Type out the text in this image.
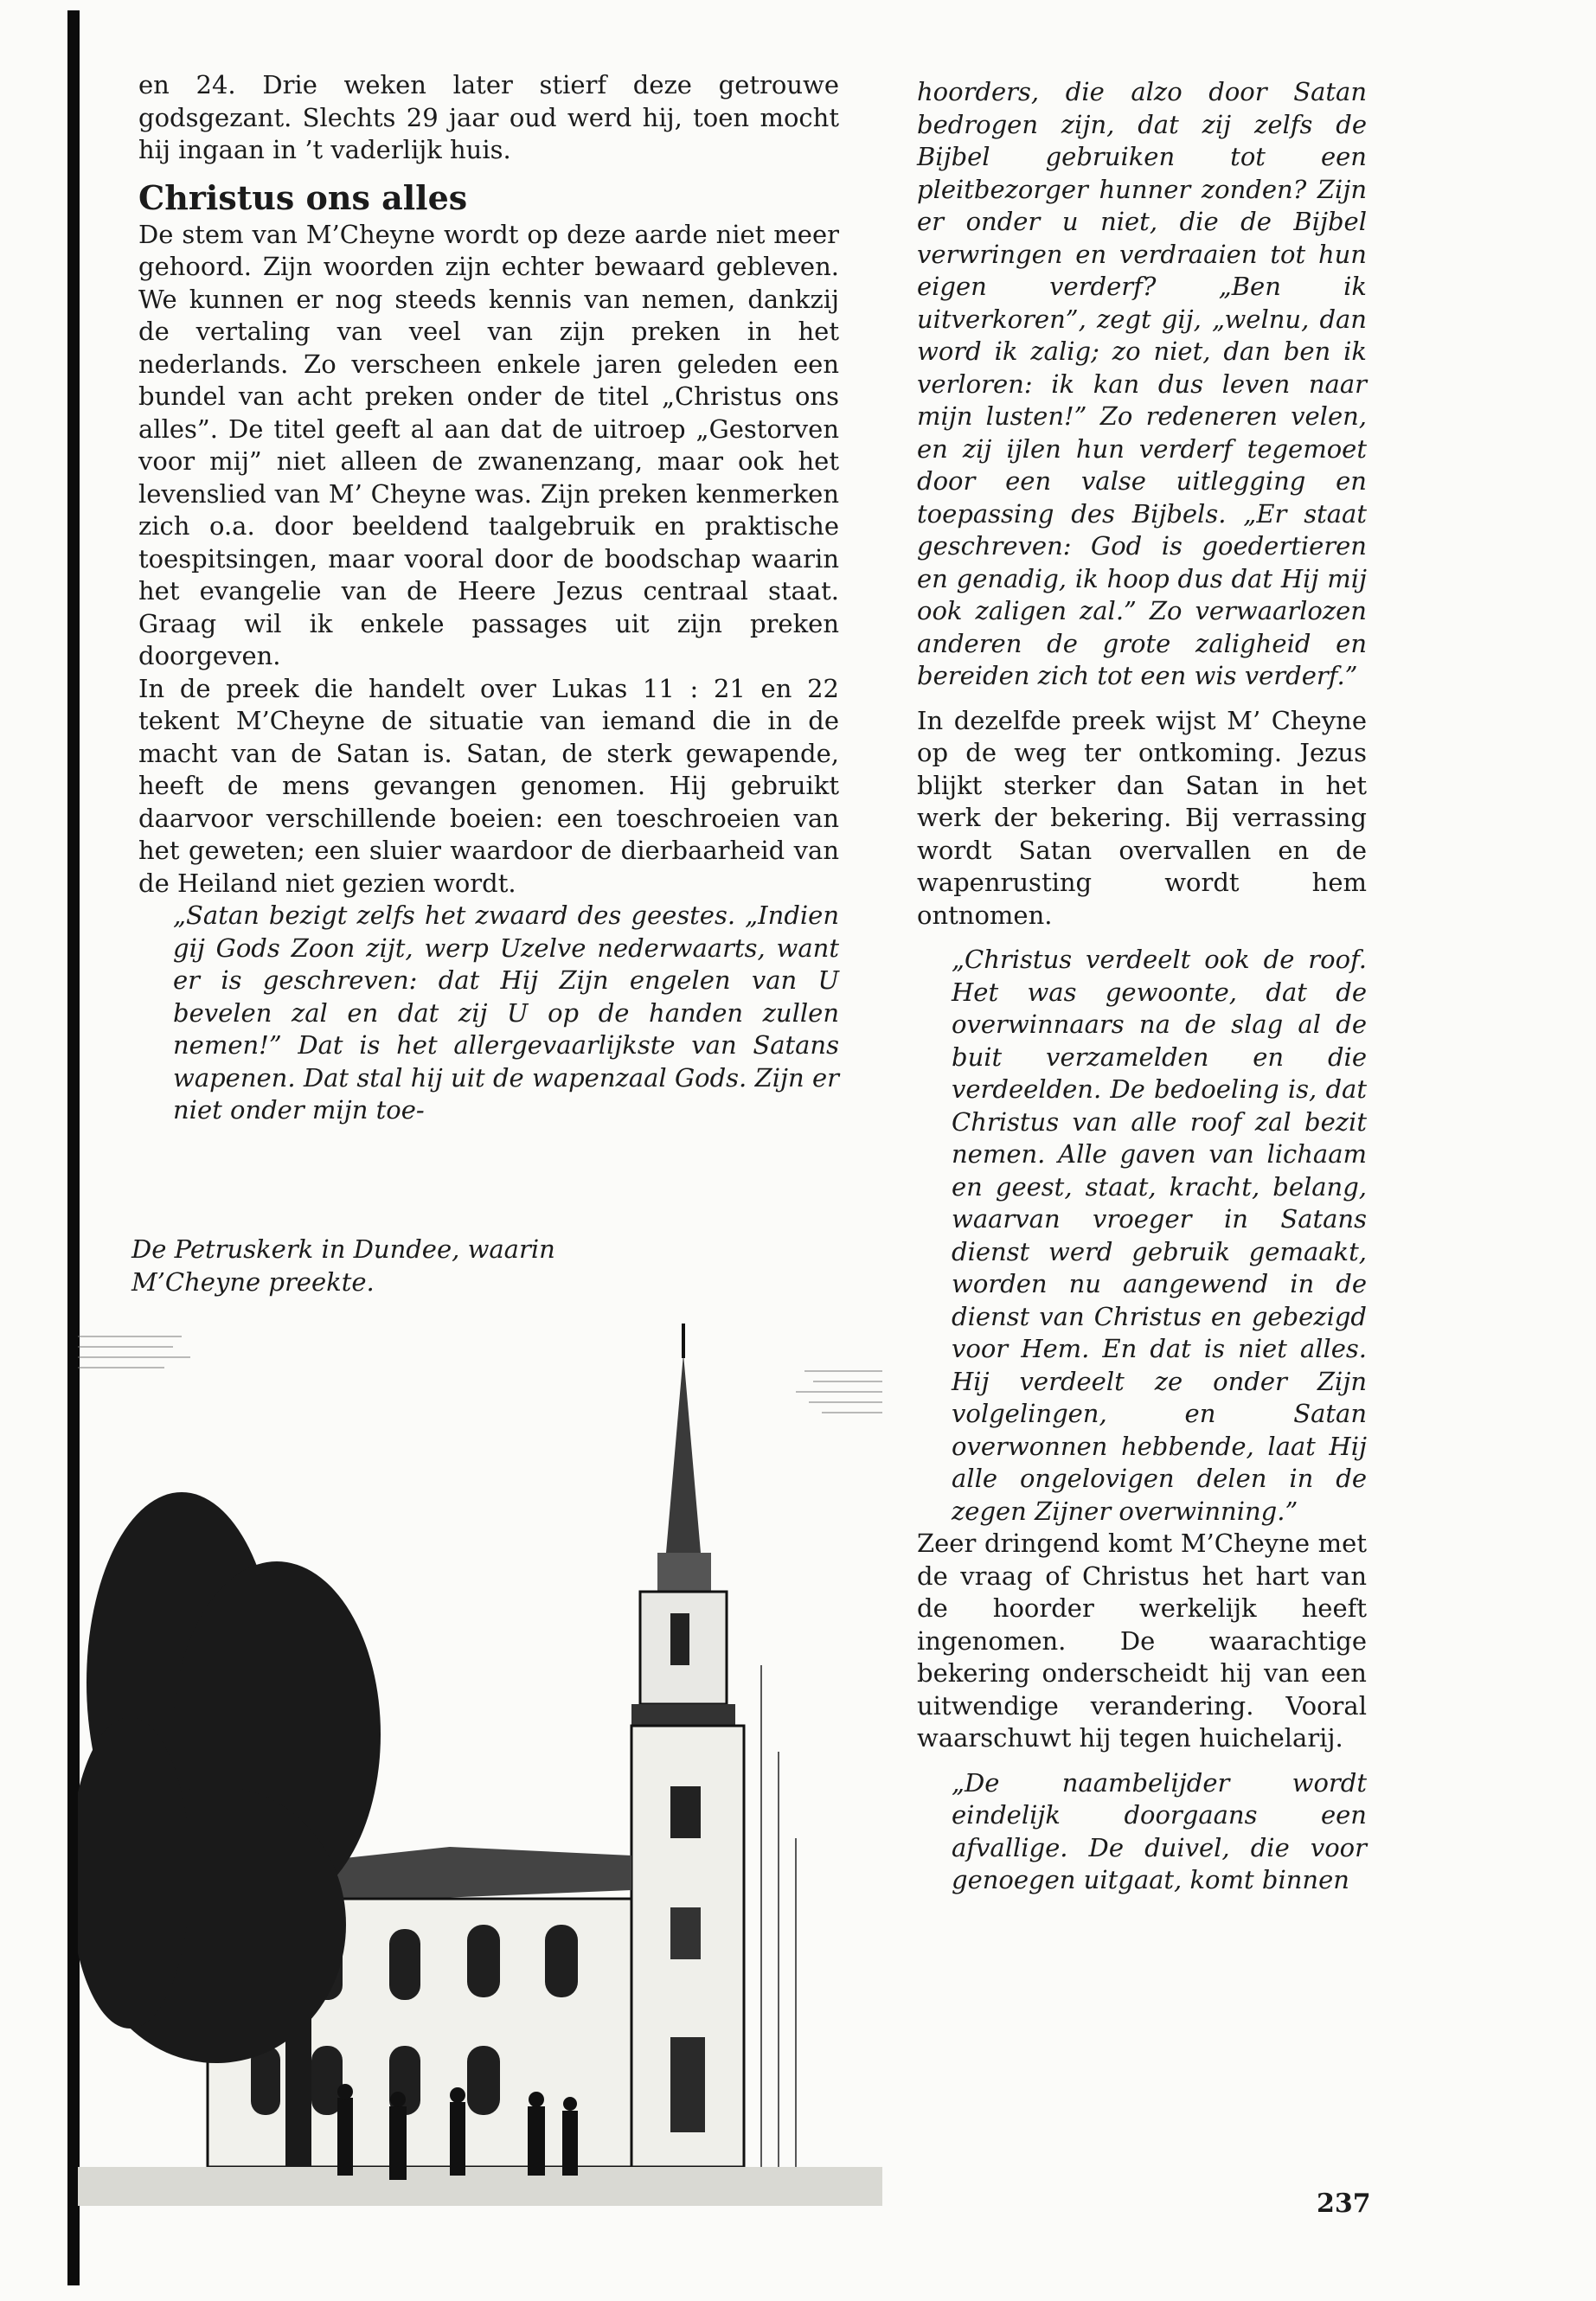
en 24. Drie weken later stierf deze getrouwe godsgezant. Slechts 29 jaar oud werd hij, toen mocht hij ingaan in ’t vaderlijk huis.

Christus ons alles

De stem van M’Cheyne wordt op deze aarde niet meer gehoord. Zijn woorden zijn echter bewaard gebleven. We kunnen er nog steeds kennis van nemen, dankzij de vertaling van veel van zijn preken in het nederlands. Zo verscheen enkele jaren geleden een bundel van acht preken onder de titel „Christus ons alles”. De titel geeft al aan dat de uitroep „Gestorven voor mij” niet alleen de zwanenzang, maar ook het levenslied van M’ Cheyne was. Zijn preken kenmerken zich o.a. door beeldend taalgebruik en praktische toespitsingen, maar vooral door de boodschap waarin het evangelie van de Heere Jezus centraal staat. Graag wil ik enkele passages uit zijn preken doorgeven.

In de preek die handelt over Lukas 11 : 21 en 22 tekent M’Cheyne de situatie van iemand die in de macht van de Satan is. Satan, de sterk gewapende, heeft de mens gevangen genomen. Hij gebruikt daarvoor verschillende boeien: een toeschroeien van het geweten; een sluier waardoor de dierbaarheid van de Heiland niet gezien wordt.

„Satan bezigt zelfs het zwaard des geestes. „Indien gij Gods Zoon zijt, werp Uzelve nederwaarts, want er is geschreven: dat Hij Zijn engelen van U bevelen zal en dat zij U op de handen zullen nemen!” Dat is het allergevaarlijkste van Satans wapenen. Dat stal hij uit de wapenzaal Gods. Zijn er niet onder mijn toe-

De Petruskerk in Dundee, waarin M’Cheyne preekte.

hoorders, die alzo door Satan bedrogen zijn, dat zij zelfs de Bijbel gebruiken tot een pleitbezorger hunner zonden? Zijn er onder u niet, die de Bijbel verwringen en verdraaien tot hun eigen verderf? „Ben ik uitverkoren”, zegt gij, „welnu, dan word ik zalig; zo niet, dan ben ik verloren: ik kan dus leven naar mijn lusten!” Zo redeneren velen, en zij ijlen hun verderf tegemoet door een valse uitlegging en toepassing des Bijbels. „Er staat geschreven: God is goedertieren en genadig, ik hoop dus dat Hij mij ook zaligen zal.” Zo verwaarlozen anderen de grote zaligheid en bereiden zich tot een wis verderf.”

In dezelfde preek wijst M’ Cheyne op de weg ter ontkoming. Jezus blijkt sterker dan Satan in het werk der bekering. Bij verrassing wordt Satan overvallen en de wapenrusting wordt hem ontnomen.

„Christus verdeelt ook de roof. Het was gewoonte, dat de overwinnaars na de slag al de buit verzamelden en die verdeelden. De bedoeling is, dat Christus van alle roof zal bezit nemen. Alle gaven van lichaam en geest, staat, kracht, belang, waarvan vroeger in Satans dienst werd gebruik gemaakt, worden nu aangewend in de dienst van Christus en gebezigd voor Hem. En dat is niet alles. Hij verdeelt ze onder Zijn volgelingen, en Satan overwonnen hebbende, laat Hij alle ongelovigen delen in de zegen Zijner overwinning.”

Zeer dringend komt M’Cheyne met de vraag of Christus het hart van de hoorder werkelijk heeft ingenomen. De waarachtige bekering onderscheidt hij van een uitwendige verandering. Vooral waarschuwt hij tegen huichelarij.

„De naambelijder wordt eindelijk doorgaans een afvallige. De duivel, die voor genoegen uitgaat, komt binnen

237
